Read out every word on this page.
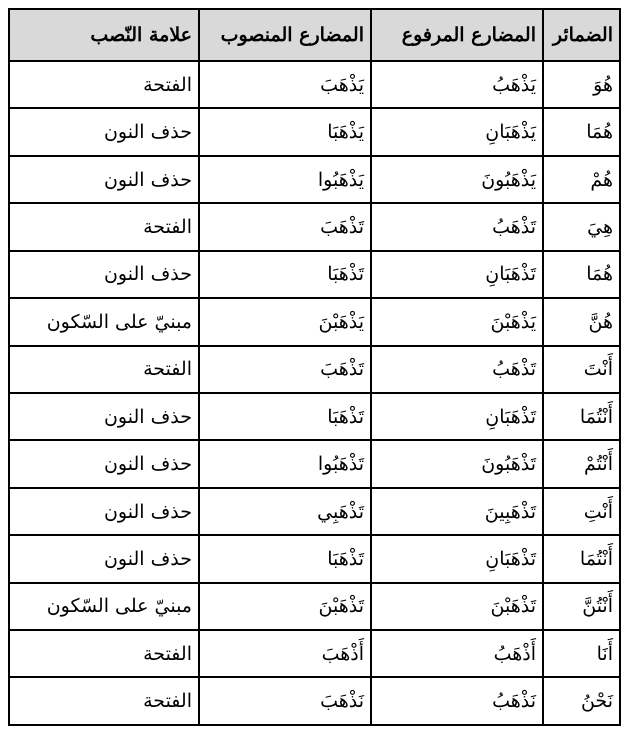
الضمائر	المضارع المرفوع	المضارع المنصوب	علامة النّصب
هُوَ	يَذْهَبُ	يَذْهَبَ	الفتحة
هُمَا	يَذْهَبَانِ	يَذْهَبَا	حذف النون
هُمْ	يَذْهَبُونَ	يَذْهَبُوا	حذف النون
هِيَ	تَذْهَبُ	تَذْهَبَ	الفتحة
هُمَا	تَذْهَبَانِ	تَذْهَبَا	حذف النون
هُنَّ	يَذْهَبْنَ	يَذْهَبْنَ	مبنيّ على السّكون
أَنْتَ	تَذْهَبُ	تَذْهَبَ	الفتحة
أَنْتُمَا	تَذْهَبَانِ	تَذْهَبَا	حذف النون
أَنْتُمْ	تَذْهَبُونَ	تَذْهَبُوا	حذف النون
أَنْتِ	تَذْهَبِينَ	تَذْهَبِي	حذف النون
أَنْتُمَا	تَذْهَبَانِ	تَذْهَبَا	حذف النون
أَنْتُنَّ	تَذْهَبْنَ	تَذْهَبْنَ	مبنيّ على السّكون
أَنَا	أَذْهَبُ	أَذْهَبَ	الفتحة
نَحْنُ	نَذْهَبُ	نَذْهَبَ	الفتحة
